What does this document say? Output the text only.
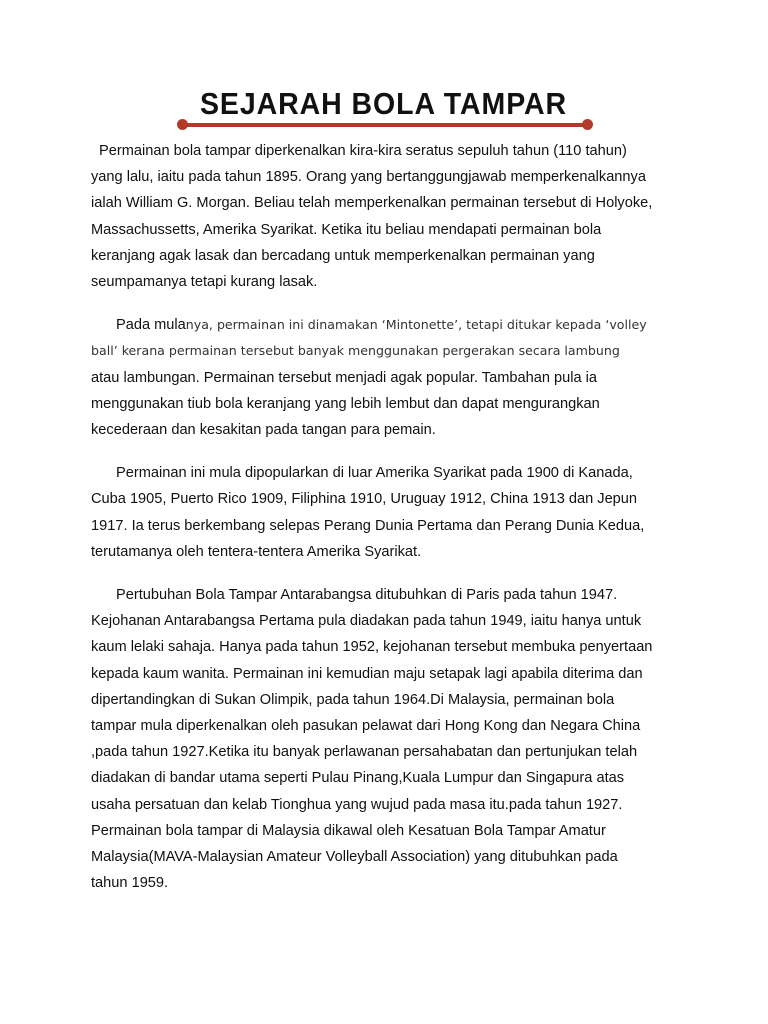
SEJARAH BOLA TAMPAR

Permainan bola tampar diperkenalkan kira-kira seratus sepuluh tahun (110 tahun)
yang lalu, iaitu pada tahun 1895. Orang yang bertanggungjawab memperkenalkannya
ialah William G. Morgan. Beliau telah memperkenalkan permainan tersebut di Holyoke,
Massachussetts, Amerika Syarikat. Ketika itu beliau mendapati permainan bola
keranjang agak lasak dan bercadang untuk memperkenalkan permainan yang
seumpamanya tetapi kurang lasak.

Pada mulanya, permainan ini dinamakan ‘Mintonette’, tetapi ditukar kepada ‘volley
ball’ kerana permainan tersebut banyak menggunakan pergerakan secara lambung
atau lambungan. Permainan tersebut menjadi agak popular. Tambahan pula ia
menggunakan tiub bola keranjang yang lebih lembut dan dapat mengurangkan
kecederaan dan kesakitan pada tangan para pemain.

Permainan ini mula dipopularkan di luar Amerika Syarikat pada 1900 di Kanada,
Cuba 1905, Puerto Rico 1909, Filiphina 1910, Uruguay 1912, China 1913 dan Jepun
1917. Ia terus berkembang selepas Perang Dunia Pertama dan Perang Dunia Kedua,
terutamanya oleh tentera-tentera Amerika Syarikat.

Pertubuhan Bola Tampar Antarabangsa ditubuhkan di Paris pada tahun 1947.
Kejohanan Antarabangsa Pertama pula diadakan pada tahun 1949, iaitu hanya untuk
kaum lelaki sahaja. Hanya pada tahun 1952, kejohanan tersebut membuka penyertaan
kepada kaum wanita. Permainan ini kemudian maju setapak lagi apabila diterima dan
dipertandingkan di Sukan Olimpik, pada tahun 1964.Di Malaysia, permainan bola
tampar mula diperkenalkan oleh pasukan pelawat dari Hong Kong dan Negara China
,pada tahun 1927.Ketika itu banyak perlawanan persahabatan dan pertunjukan telah
diadakan di bandar utama seperti Pulau Pinang,Kuala Lumpur dan Singapura atas
usaha persatuan dan kelab Tionghua yang wujud pada masa itu.pada tahun 1927.
Permainan bola tampar di Malaysia dikawal oleh Kesatuan Bola Tampar Amatur
Malaysia(MAVA-Malaysian Amateur Volleyball Association) yang ditubuhkan pada
tahun 1959.
